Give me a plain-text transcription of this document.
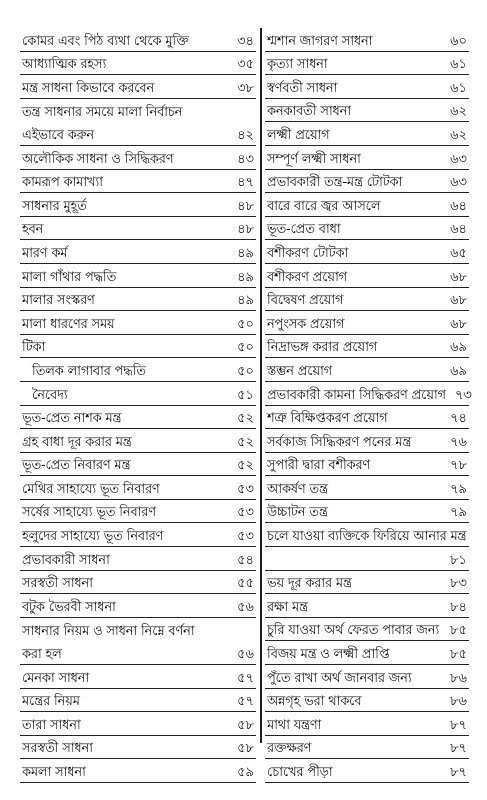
কোমর এবং পিঠ ব্যথা থেকে মুক্তি	৩৪
আধ্যাত্মিক রহস্য	৩৫
মন্ত্র সাধনা কিভাবে করবেন	৩৮
তন্ত্র সাধনার সময়ে মালা নির্বাচন
এইভাবে করুন	৪২
অলৌকিক সাধনা ও সিদ্ধিকরণ	৪৩
কামরূপ কামাখ্যা	৪৭
সাধনার মুহূর্ত	৪৮
হবন	৪৮
মারণ কর্ম	৪৯
মালা গাঁথার পদ্ধতি	৪৯
মালার সংস্করণ	৪৯
মালা ধারণের সময়	৫০
টিকা	৫০
তিলক লাগাবার পদ্ধতি	৫০
নৈবেদ্য	৫১
ভূত-প্রেত নাশক মন্ত্র	৫২
গ্রহ বাধা দূর করার মন্ত্র	৫২
ভূত-প্রেত নিবারণ মন্ত্র	৫২
মেথির সাহায্যে ভূত নিবারণ	৫৩
সর্ষের সাহায্যে ভূত নিবারণ	৫৩
হলুদের সাহায্যে ভূত নিবারণ	৫৩
প্রভাবকারী সাধনা	৫৪
সরস্বতী সাধনা	৫৫
বটুক ভৈরবী সাধনা	৫৬
সাধনার নিয়ম ও সাধনা নিম্নে বর্ণনা
করা হল	৫৬
মেনকা সাধনা	৫৭
মন্ত্রের নিয়ম	৫৭
তারা সাধনা	৫৮
সরস্বতী সাধনা	৫৮
কমলা সাধনা	৫৯
শ্মশান জাগরণ সাধনা	৬০
কৃত্যা সাধনা	৬১
স্বর্ণবতী সাধনা	৬১
কনকাবতী সাধনা	৬২
লক্ষ্মী প্রয়োগ	৬২
সম্পূর্ণ লক্ষ্মী সাধনা	৬৩
প্রভাবকারী তন্ত্র-মন্ত্র টোটকা	৬৩
বারে বারে জ্বর আসলে	৬৪
ভূত-প্রেত বাধা	৬৪
বশীকরণ টোটকা	৬৫
বশীকরণ প্রয়োগ	৬৮
বিদ্বেষণ প্রয়োগ	৬৮
নপুংসক প্রয়োগ	৬৮
নিদ্রাভঙ্গ করার প্রয়োগ	৬৯
স্তম্ভন প্রয়োগ	৬৯
প্রভাবকারী কামনা সিদ্ধিকরণ প্রয়োগ ৭৩
শত্রু বিক্ষিপ্তকরণ প্রয়োগ	৭৪
সর্বকাজ সিদ্ধিকরণ পনের মন্ত্র	৭৬
সুপারী দ্বারা বশীকরণ	৭৮
আকর্ষণ তন্ত্র	৭৯
উচ্চাটন তন্ত্র	৭৯
চলে যাওয়া ব্যক্তিকে ফিরিয়ে আনার মন্ত্র
৮১
ভয় দূর করার মন্ত্র	৮৩
রক্ষা মন্ত্র	৮৪
চুরি যাওয়া অর্থ ফেরত পাবার জন্য ৮৫
বিজয় মন্ত্র ও লক্ষ্মী প্রাপ্তি	৮৫
পুঁতে রাখা অর্থ জানবার জন্য	৮৬
অন্নগৃহ ভরা থাকবে	৮৬
মাথা যন্ত্রণা	৮৭
রক্তক্ষরণ	৮৭
চোখের পীড়া	৮৭
